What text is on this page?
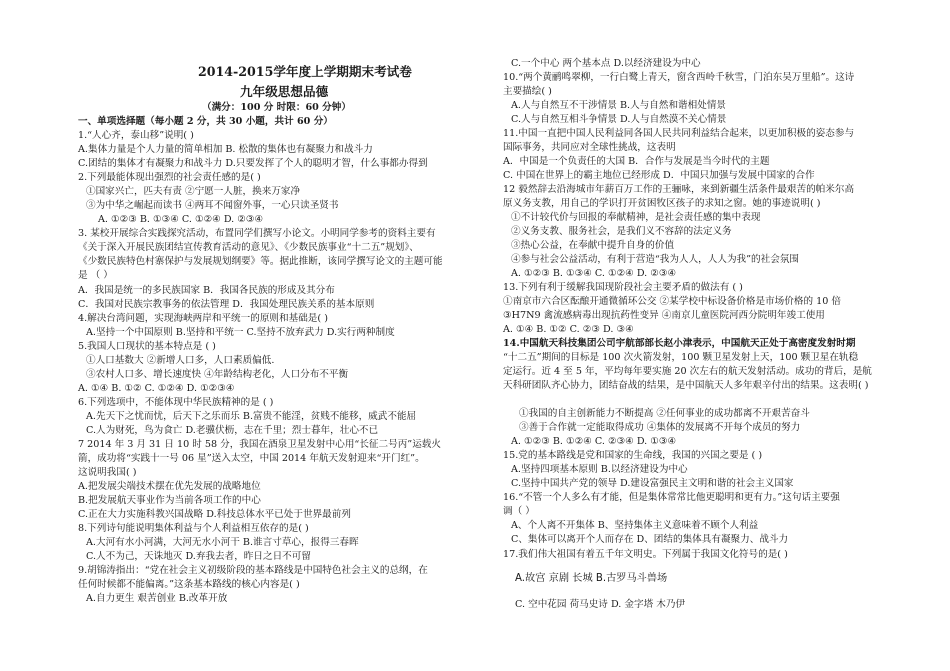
2014-2015学年度上学期期末考试卷
九年级思想品德
（满分：100 分 时限：60 分钟）
一、单项选择题（每小题 2 分，共 30 小题，共计 60 分）
1.“人心齐，泰山移”说明( )
A.集体力量是个人力量的简单相加 B. 松散的集体也有凝聚力和战斗力
C.团结的集体才有凝聚力和战斗力 D.只要发挥了个人的聪明才智，什么事都办得到
2.下列最能体现出强烈的社会责任感的是( )
①国家兴亡，匹夫有责 ②宁愿一人脏，换来万家净
③为中华之崛起而读书 ④两耳不闻窗外事，一心只读圣贤书
A. ①②③ B. ①③④ C. ①②④ D. ②③④
3. 某校开展综合实践探究活动，布置同学们撰写小论文。小明同学参考的资料主要有
《关于深入开展民族团结宣传教育活动的意见》、《少数民族事业“十二五”规划》、
《少数民族特色村寨保护与发展规划纲要》等。据此推断，该同学撰写论文的主题可能
是 （ ）
A．我国是统一的多民族国家 B．我国各民族的形成及其分布
C．我国对民族宗教事务的依法管理 D．我国处理民族关系的基本原则
4.解决台湾问题，实现海峡两岸和平统一的原则和基础是( )
A.坚持一个中国原则 B.坚持和平统一 C.坚持不放弃武力 D.实行两种制度
5.我国人口现状的基本特点是 ( )
①人口基数大 ②新增人口多，人口素质偏低.
③农村人口多、增长速度快 ④年龄结构老化，人口分布不平衡
A. ①④ B. ①② C. ①②④ D. ①②③④
6.下列选项中，不能体现中华民族精神的是 ( )
A.先天下之忧而忧，后天下之乐而乐 B.富贵不能淫，贫贱不能移，威武不能屈
C.人为财死，鸟为食亡 D.老骥伏枥，志在千里；烈士暮年，壮心不已
7 2014 年 3 月 31 日 10 时 58 分，我国在酒泉卫星发射中心用“长征二号丙”运载火
箭，成功将“实践十一号 06 星”送入太空，中国 2014 年航天发射迎来“开门红”。
这说明我国( )
A.把发展尖端技术摆在优先发展的战略地位
B.把发展航天事业作为当前各项工作的中心
C.正在大力实施科教兴国战略 D.科技总体水平已处于世界最前列
8.下列诗句能说明集体利益与个人利益相互依存的是( )
A.大河有水小河满，大河无水小河干 B.谁言寸草心，报得三春晖
C.人不为己，天诛地灭 D.弃我去者，昨日之日不可留
9.胡锦涛指出：“党在社会主义初级阶段的基本路线是中国特色社会主义的总纲，在
任何时候都不能偏离。”这条基本路线的核心内容是( )
A.自力更生 艰苦创业 B.改革开放
C.一个中心 两个基本点 D.以经济建设为中心
10.“两个黄鹂鸣翠柳，一行白鹭上青天，窗含西岭千秋雪，门泊东吴万里船”。这诗
主要描绘( )
A.人与自然互不干涉情景 B.人与自然和谐相处情景
C.人与自然互相斗争情景 D.人与自然漠不关心情景
11.中国一直把中国人民利益同各国人民共同利益结合起来，以更加积极的姿态参与
国际事务，共同应对全球性挑战，这表明
A．中国是一个负责任的大国 B．合作与发展是当今时代的主题
C. 中国在世界上的霸主地位已经形成 D．中国只加强与发展中国家的合作
12 毅然辞去沿海城市年薪百万工作的王骊咏，来到新疆生活条件最艰苦的帕米尔高
原义务支教，用自己的学识打开贫困牧区孩子的求知之窗。她的事迹说明( )
①不计较代价与回报的奉献精神，是社会责任感的集中表现
②义务支教、服务社会，是我们义不容辞的法定义务
③热心公益，在奉献中提升自身的价值
④参与社会公益活动，有利于营造“我为人人，人人为我”的社会氛围
A. ①②③ B. ①③④ C. ①②④ D. ②③④
13.下列有利于缓解我国现阶段社会主要矛盾的做法有 ( )
①南京市六合区酝酿开通微循环公交 ②某学校中标设备价格是市场价格的 10 倍
③H7N9 禽流感病毒出现抗药性变异 ④南京儿童医院河西分院明年竣工使用
A. ①④ B. ①② C. ②③ D. ③④
14.中国航天科技集团公司宇航部部长赵小津表示，中国航天正处于高密度发射时期
“十二五”期间的目标是 100 次火箭发射，100 颗卫星发射上天，100 颗卫星在轨稳
定运行。近 4 至 5 年，平均每年要实施 20 次左右的航天发射活动。成功的背后，是航
天科研团队齐心协力，团结奋战的结果，是中国航天人多年艰辛付出的结果。这表明( )
①我国的自主创新能力不断提高 ②任何事业的成功都离不开艰苦奋斗
③善于合作就一定能取得成功 ④集体的发展离不开每个成员的努力
A. ①②③ B. ①②④ C. ②③④ D. ①③④
15.党的基本路线是党和国家的生命线，我国的兴国之要是 ( )
A.坚持四项基本原则 B.以经济建设为中心
C.坚持中国共产党的领导 D.建设富强民主文明和谐的社会主义国家
16.“不管一个人多么有才能，但是集体常常比他更聪明和更有力。”这句话主要强
调（ ）
A、个人离不开集体 B、坚持集体主义意味着不顾个人利益
C、集体可以离开个人而存在 D、团结的集体具有凝聚力、战斗力
17.我们伟大祖国有着五千年文明史。下列属于我国文化符号的是( )
A.故宫 京剧 长城 B.古罗马斗兽场
C. 空中花园 荷马史诗 D. 金字塔 木乃伊
